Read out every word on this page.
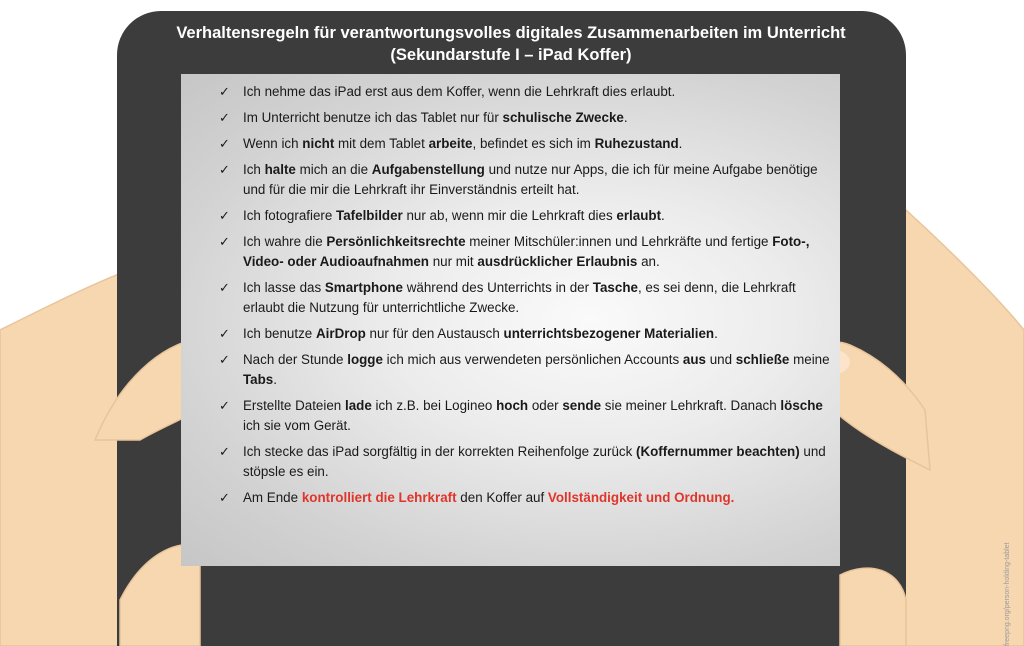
Verhaltensregeln für verantwortungsvolles digitales Zusammenarbeiten im Unterricht (Sekundarstufe I – iPad Koffer)
✓ Ich nehme das iPad erst aus dem Koffer, wenn die Lehrkraft dies erlaubt.
✓ Im Unterricht benutze ich das Tablet nur für schulische Zwecke.
✓ Wenn ich nicht mit dem Tablet arbeite, befindet es sich im Ruhezustand.
✓ Ich halte mich an die Aufgabenstellung und nutze nur Apps, die ich für meine Aufgabe benötige und für die mir die Lehrkraft ihr Einverständnis erteilt hat.
✓ Ich fotografiere Tafelbilder nur ab, wenn mir die Lehrkraft dies erlaubt.
✓ Ich wahre die Persönlichkeitsrechte meiner Mitschüler:innen und Lehrkräfte und fertige Foto-, Video- oder Audioaufnahmen nur mit ausdrücklicher Erlaubnis an.
✓ Ich lasse das Smartphone während des Unterrichts in der Tasche, es sei denn, die Lehrkraft erlaubt die Nutzung für unterrichtliche Zwecke.
✓ Ich benutze AirDrop nur für den Austausch unterrichtsbezogener Materialien.
✓ Nach der Stunde logge ich mich aus verwendeten persönlichen Accounts aus und schließe meine Tabs.
✓ Erstellte Dateien lade ich z.B. bei Logineo hoch oder sende sie meiner Lehrkraft. Danach lösche ich sie vom Gerät.
✓ Ich stecke das iPad sorgfältig in der korrekten Reihenfolge zurück (Koffernummer beachten) und stöpsle es ein.
✓ Am Ende kontrolliert die Lehrkraft den Koffer auf Vollständigkeit und Ordnung.
freepng.org/person-holding-tablet
